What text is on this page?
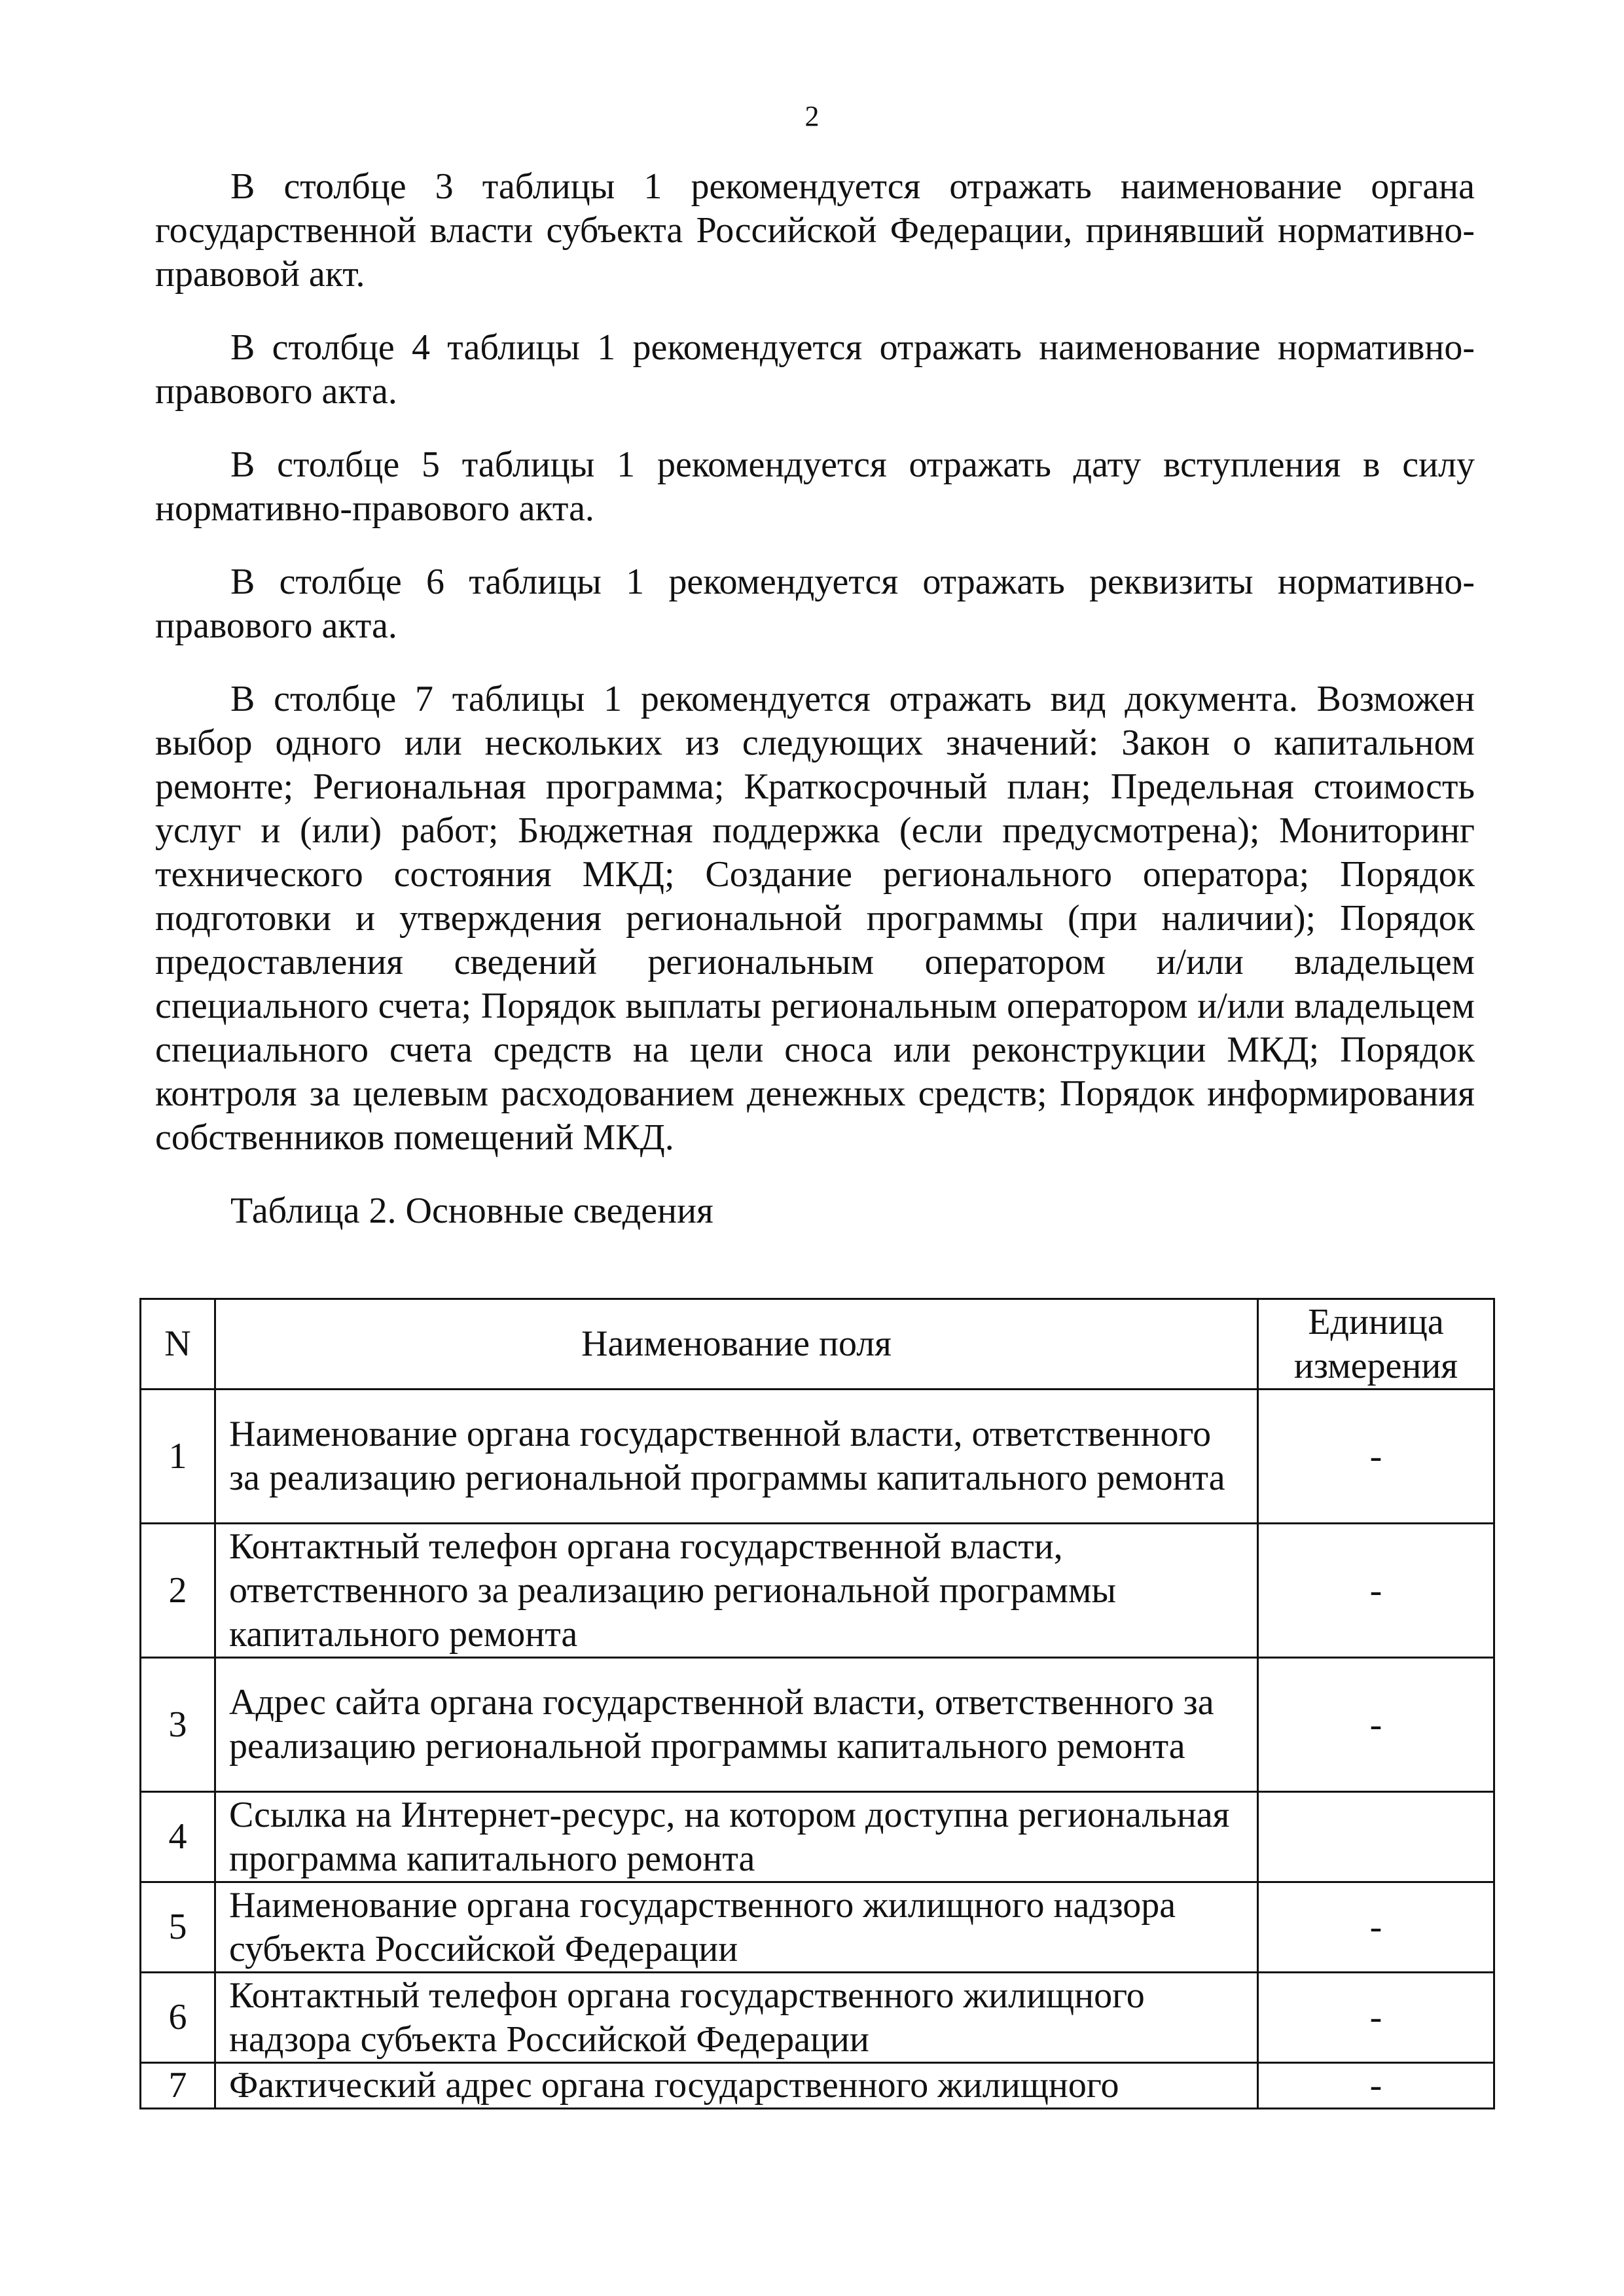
2

В столбце 3 таблицы 1 рекомендуется отражать наименование органа государственной власти субъекта Российской Федерации, принявший нормативно-правовой акт.

В столбце 4 таблицы 1 рекомендуется отражать наименование нормативно-правового акта.

В столбце 5 таблицы 1 рекомендуется отражать дату вступления в силу нормативно-правового акта.

В столбце 6 таблицы 1 рекомендуется отражать реквизиты нормативно-правового акта.

В столбце 7 таблицы 1 рекомендуется отражать вид документа. Возможен выбор одного или нескольких из следующих значений: Закон о капитальном ремонте; Региональная программа; Краткосрочный план; Предельная стоимость услуг и (или) работ; Бюджетная поддержка (если предусмотрена); Мониторинг технического состояния МКД; Создание регионального оператора; Порядок подготовки и утверждения региональной программы (при наличии); Порядок предоставления сведений региональным оператором и/или владельцем специального счета; Порядок выплаты региональным оператором и/или владельцем специального счета средств на цели сноса или реконструкции МКД; Порядок контроля за целевым расходованием денежных средств; Порядок информирования собственников помещений МКД.

Таблица 2. Основные сведения

N	Наименование поля	Единица измерения
1	Наименование органа государственной власти, ответственного за реализацию региональной программы капитального ремонта	-
2	Контактный телефон органа государственной власти, ответственного за реализацию региональной программы капитального ремонта	-
3	Адрес сайта органа государственной власти, ответственного за реализацию региональной программы капитального ремонта	-
4	Ссылка на Интернет-ресурс, на котором доступна региональная программа капитального ремонта	
5	Наименование органа государственного жилищного надзора субъекта Российской Федерации	-
6	Контактный телефон органа государственного жилищного надзора субъекта Российской Федерации	-
7	Фактический адрес органа государственного жилищного	-
